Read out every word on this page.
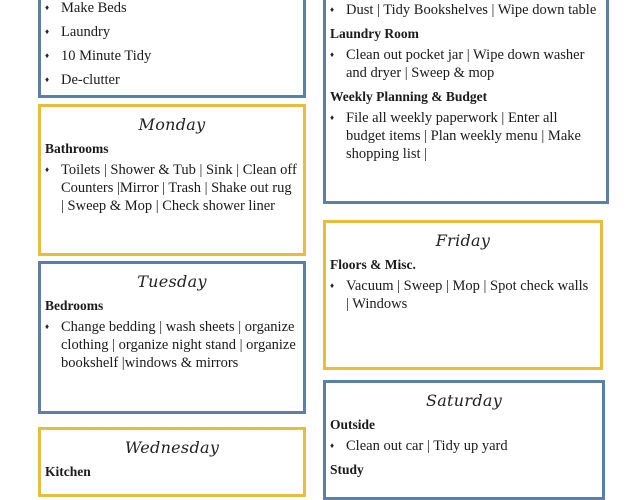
♦ Make Beds
♦ Laundry
♦ 10 Minute Tidy
♦ De-clutter
Monday
Bathrooms
♦ Toilets | Shower & Tub | Sink | Clean off Counters |Mirror | Trash | Shake out rug | Sweep & Mop | Check shower liner
Tuesday
Bedrooms
♦ Change bedding | wash sheets | organize clothing | organize night stand | organize bookshelf |windows & mirrors
Wednesday
Kitchen
♦ Dust | Tidy Bookshelves | Wipe down table
Laundry Room
♦ Clean out pocket jar | Wipe down washer and dryer | Sweep & mop
Weekly Planning & Budget
♦ File all weekly paperwork | Enter all budget items | Plan weekly menu | Make shopping list |
Friday
Floors & Misc.
♦ Vacuum | Sweep | Mop | Spot check walls | Windows
Saturday
Outside
♦ Clean out car | Tidy up yard
Study
